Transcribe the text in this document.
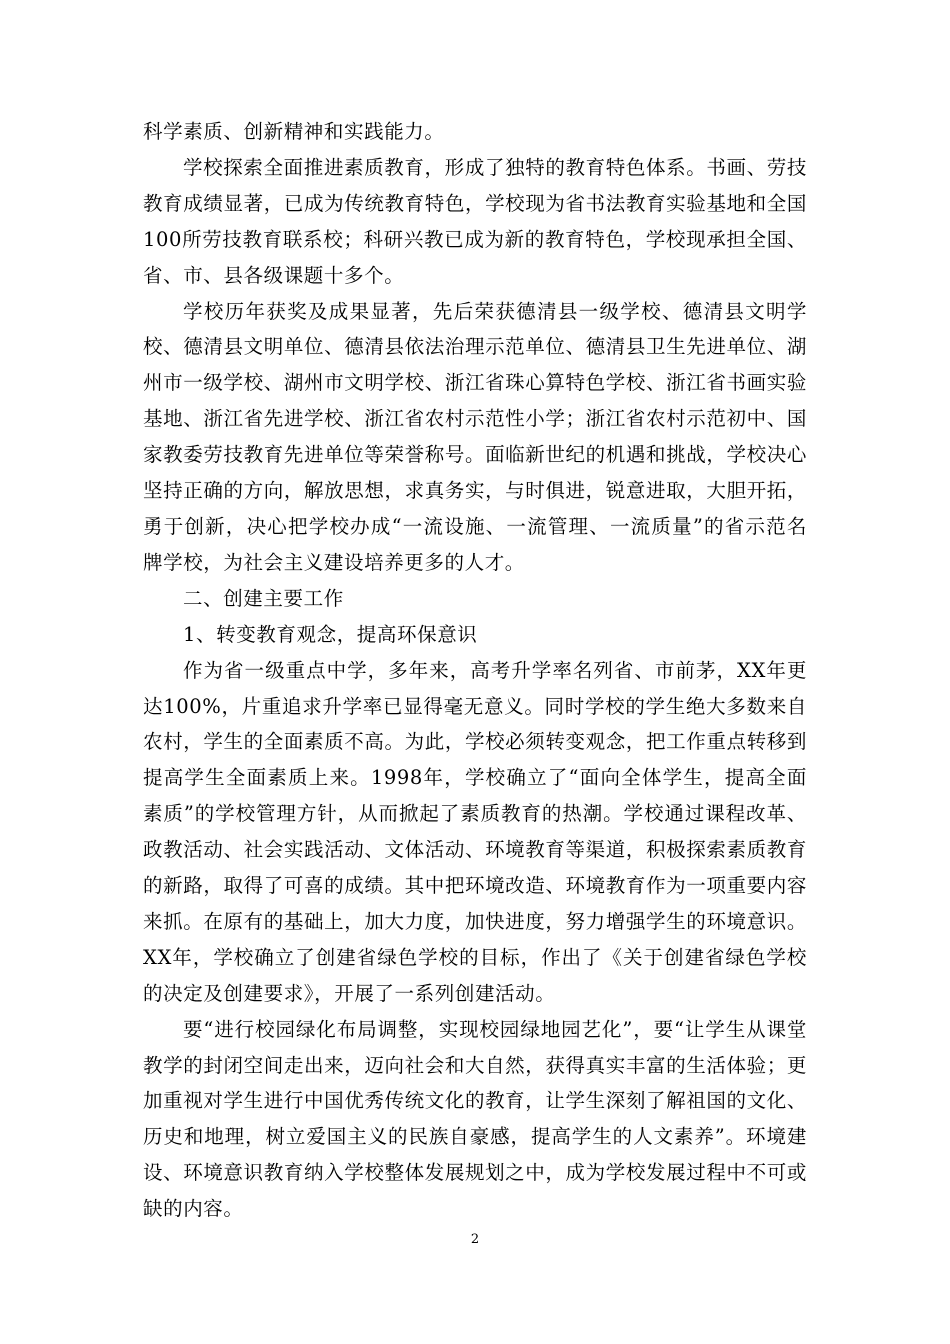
科学素质、创新精神和实践能力。

学校探索全面推进素质教育，形成了独特的教育特色体系。书画、劳技教育成绩显著，已成为传统教育特色，学校现为省书法教育实验基地和全国100所劳技教育联系校；科研兴教已成为新的教育特色，学校现承担全国、省、市、县各级课题十多个。

学校历年获奖及成果显著，先后荣获德清县一级学校、德清县文明学校、德清县文明单位、德清县依法治理示范单位、德清县卫生先进单位、湖州市一级学校、湖州市文明学校、浙江省珠心算特色学校、浙江省书画实验基地、浙江省先进学校、浙江省农村示范性小学；浙江省农村示范初中、国家教委劳技教育先进单位等荣誉称号。面临新世纪的机遇和挑战，学校决心坚持正确的方向，解放思想，求真务实，与时俱进，锐意进取，大胆开拓，勇于创新，决心把学校办成“一流设施、一流管理、一流质量”的省示范名牌学校，为社会主义建设培养更多的人才。

二、创建主要工作

1、转变教育观念，提高环保意识

作为省一级重点中学，多年来，高考升学率名列省、市前茅，XX年更达100%，片重追求升学率已显得毫无意义。同时学校的学生绝大多数来自农村，学生的全面素质不高。为此，学校必须转变观念，把工作重点转移到提高学生全面素质上来。1998年，学校确立了“面向全体学生，提高全面素质”的学校管理方针，从而掀起了素质教育的热潮。学校通过课程改革、政教活动、社会实践活动、文体活动、环境教育等渠道，积极探索素质教育的新路，取得了可喜的成绩。其中把环境改造、环境教育作为一项重要内容来抓。在原有的基础上，加大力度，加快进度，努力增强学生的环境意识。XX年，学校确立了创建省绿色学校的目标，作出了《关于创建省绿色学校的决定及创建要求》，开展了一系列创建活动。

要“进行校园绿化布局调整，实现校园绿地园艺化”，要“让学生从课堂教学的封闭空间走出来，迈向社会和大自然，获得真实丰富的生活体验；更加重视对学生进行中国优秀传统文化的教育，让学生深刻了解祖国的文化、历史和地理，树立爱国主义的民族自豪感，提高学生的人文素养”。环境建设、环境意识教育纳入学校整体发展规划之中，成为学校发展过程中不可或缺的内容。

2
